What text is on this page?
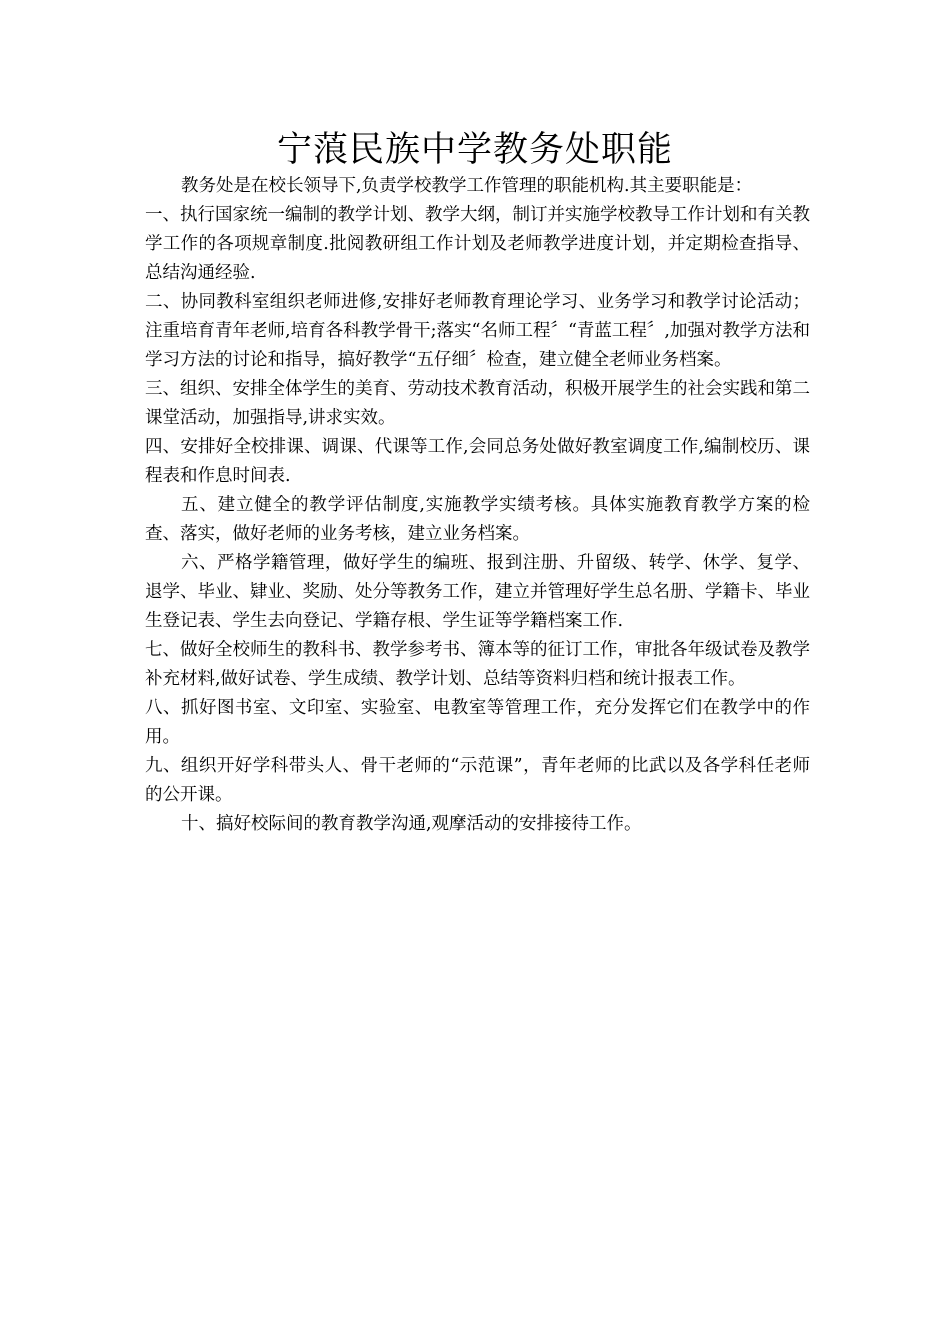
宁蒗民族中学教务处职能

教务处是在校长领导下,负责学校教学工作管理的职能机构.其主要职能是：

一、执行国家统一编制的教学计划、教学大纲，制订并实施学校教导工作计划和有关教学工作的各项规章制度.批阅教研组工作计划及老师教学进度计划，并定期检查指导、总结沟通经验.

二、协同教科室组织老师进修,安排好老师教育理论学习、业务学习和教学讨论活动；注重培育青年老师,培育各科教学骨干;落实“名师工程〞“青蓝工程〞,加强对教学方法和学习方法的讨论和指导，搞好教学“五仔细〞检查，建立健全老师业务档案。

三、组织、安排全体学生的美育、劳动技术教育活动，积极开展学生的社会实践和第二课堂活动，加强指导,讲求实效。

四、安排好全校排课、调课、代课等工作,会同总务处做好教室调度工作,编制校历、课程表和作息时间表.

五、建立健全的教学评估制度,实施教学实绩考核。具体实施教育教学方案的检查、落实，做好老师的业务考核，建立业务档案。

六、严格学籍管理，做好学生的编班、报到注册、升留级、转学、休学、复学、退学、毕业、肄业、奖励、处分等教务工作，建立并管理好学生总名册、学籍卡、毕业生登记表、学生去向登记、学籍存根、学生证等学籍档案工作.

七、做好全校师生的教科书、教学参考书、簿本等的征订工作，审批各年级试卷及教学补充材料,做好试卷、学生成绩、教学计划、总结等资料归档和统计报表工作。

八、抓好图书室、文印室、实验室、电教室等管理工作，充分发挥它们在教学中的作用。

九、组织开好学科带头人、骨干老师的“示范课”，青年老师的比武以及各学科任老师的公开课。

十、搞好校际间的教育教学沟通,观摩活动的安排接待工作。
